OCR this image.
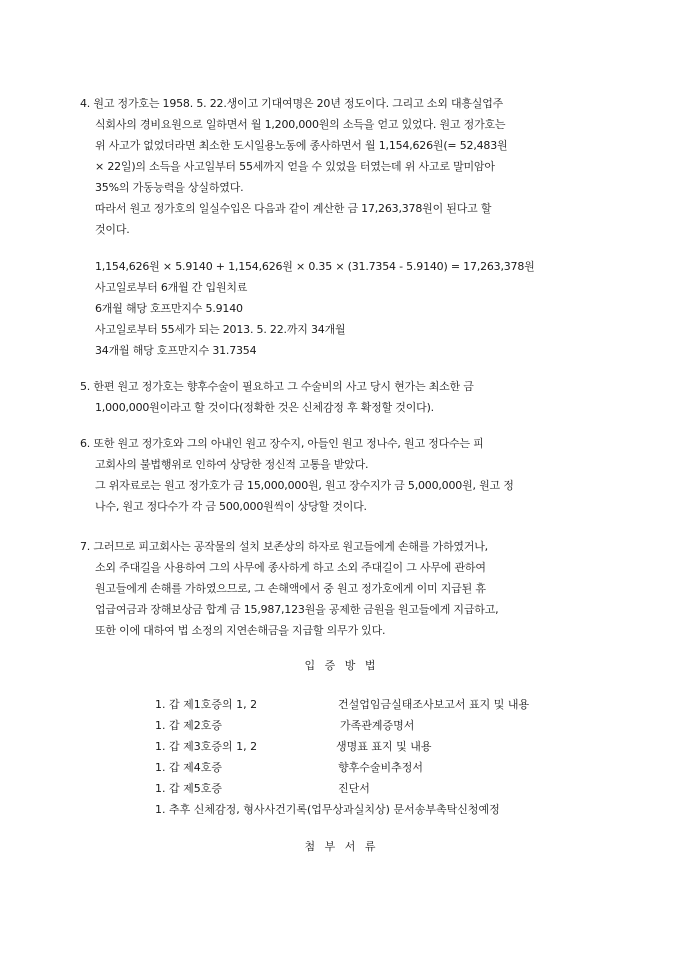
4. 원고 정가호는 1958. 5. 22.생이고 기대여명은 20년 정도이다. 그리고 소외 대흥실업주
식회사의 경비요원으로 일하면서 월 1,200,000원의 소득을 얻고 있었다. 원고 정가호는
위 사고가 없었더라면 최소한 도시일용노동에 종사하면서 월 1,154,626원(= 52,483원
× 22일)의 소득을 사고일부터 55세까지 얻을 수 있었을 터였는데 위 사고로 말미암아
35%의 가동능력을 상실하였다.
따라서 원고 정가호의 일실수입은 다음과 같이 계산한 금 17,263,378원이 된다고 할
것이다.
1,154,626원 × 5.9140 + 1,154,626원 × 0.35 × (31.7354 - 5.9140) = 17,263,378원
사고일로부터 6개월 간 입원치료
6개월 해당 호프만지수 5.9140
사고일로부터 55세가 되는 2013. 5. 22.까지 34개월
34개월 해당 호프만지수 31.7354
5. 한편 원고 정가호는 향후수술이 필요하고 그 수술비의 사고 당시 현가는 최소한 금
1,000,000원이라고 할 것이다(정확한 것은 신체감정 후 확정할 것이다).
6. 또한 원고 정가호와 그의 아내인 원고 장수지, 아들인 원고 정나수, 원고 정다수는 피
고회사의 불법행위로 인하여 상당한 정신적 고통을 받았다.
그 위자료로는 원고 정가호가 금 15,000,000원, 원고 장수지가 금 5,000,000원, 원고 정
나수, 원고 정다수가 각 금 500,000원씩이 상당할 것이다.
7. 그러므로 피고회사는 공작물의 설치 보존상의 하자로 원고들에게 손해를 가하였거나,
소외 주대길을 사용하여 그의 사무에 종사하게 하고 소외 주대길이 그 사무에 관하여
원고들에게 손해를 가하였으므로, 그 손해액에서 중 원고 정가호에게 이미 지급된 휴
업급여금과 장해보상금 합계 금 15,987,123원을 공제한 금원을 원고들에게 지급하고,
또한 이에 대하여 법 소정의 지연손해금을 지급할 의무가 있다.
입 증 방 법
1. 갑 제1호증의 1, 2	건설업임금실태조사보고서 표지 및 내용
1. 갑 제2호증	가족관계증명서
1. 갑 제3호증의 1, 2	생명표 표지 및 내용
1. 갑 제4호증	향후수술비추정서
1. 갑 제5호증	진단서
1. 추후 신체감정, 형사사건기록(업무상과실치상) 문서송부촉탁신청예정
첨 부 서 류
